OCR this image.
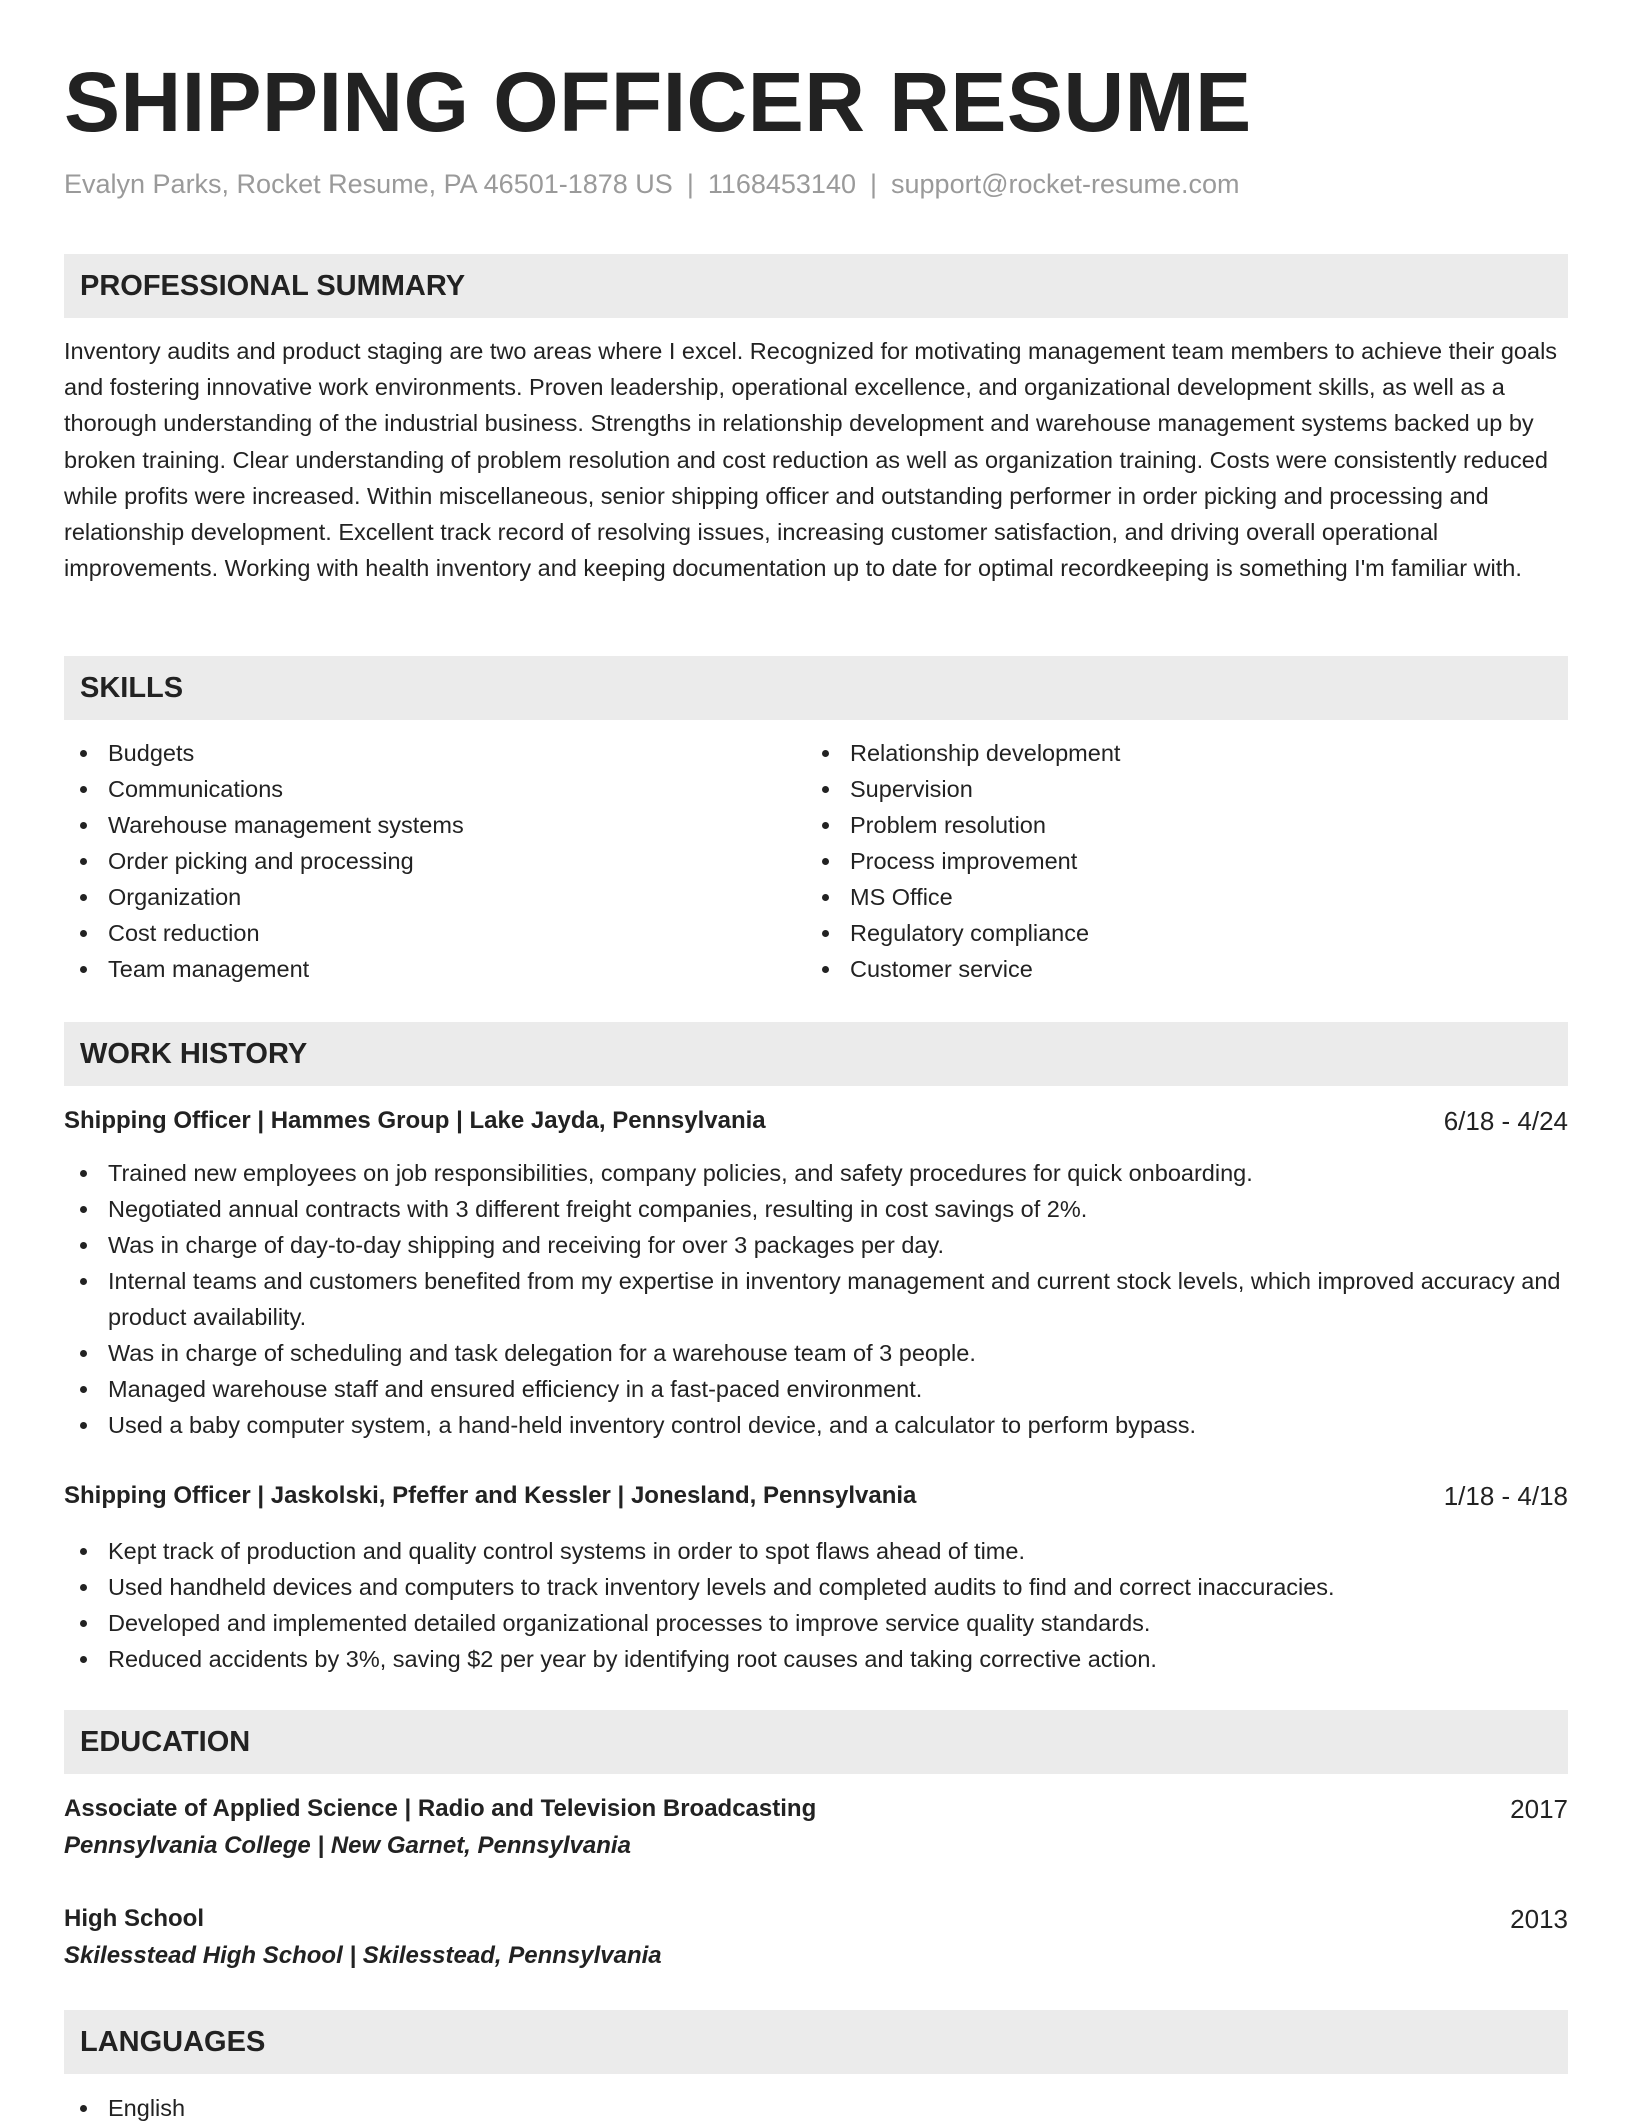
SHIPPING OFFICER RESUME
Evalyn Parks, Rocket Resume, PA 46501-1878 US | 1168453140 | support@rocket-resume.com
PROFESSIONAL SUMMARY

Inventory audits and product staging are two areas where I excel. Recognized for motivating management team members to achieve their goals and fostering innovative work environments. Proven leadership, operational excellence, and organizational development skills, as well as a thorough understanding of the industrial business. Strengths in relationship development and warehouse management systems backed up by broken training. Clear understanding of problem resolution and cost reduction as well as organization training. Costs were consistently reduced while profits were increased. Within miscellaneous, senior shipping officer and outstanding performer in order picking and processing and relationship development. Excellent track record of resolving issues, increasing customer satisfaction, and driving overall operational improvements. Working with health inventory and keeping documentation up to date for optimal recordkeeping is something I'm familiar with.

SKILLS
Budgets
Communications
Warehouse management systems
Order picking and processing
Organization
Cost reduction
Team management
Relationship development
Supervision
Problem resolution
Process improvement
MS Office
Regulatory compliance
Customer service
WORK HISTORY
Shipping Officer | Hammes Group | Lake Jayda, Pennsylvania	6/18 - 4/24
Trained new employees on job responsibilities, company policies, and safety procedures for quick onboarding.
Negotiated annual contracts with 3 different freight companies, resulting in cost savings of 2%.
Was in charge of day-to-day shipping and receiving for over 3 packages per day.
Internal teams and customers benefited from my expertise in inventory management and current stock levels, which improved accuracy and product availability.
Was in charge of scheduling and task delegation for a warehouse team of 3 people.
Managed warehouse staff and ensured efficiency in a fast-paced environment.
Used a baby computer system, a hand-held inventory control device, and a calculator to perform bypass.
Shipping Officer | Jaskolski, Pfeffer and Kessler | Jonesland, Pennsylvania	1/18 - 4/18
Kept track of production and quality control systems in order to spot flaws ahead of time.
Used handheld devices and computers to track inventory levels and completed audits to find and correct inaccuracies.
Developed and implemented detailed organizational processes to improve service quality standards.
Reduced accidents by 3%, saving $2 per year by identifying root causes and taking corrective action.
EDUCATION
Associate of Applied Science | Radio and Television Broadcasting	2017
Pennsylvania College | New Garnet, Pennsylvania
High School	2013
Skilesstead High School | Skilesstead, Pennsylvania
LANGUAGES
English
